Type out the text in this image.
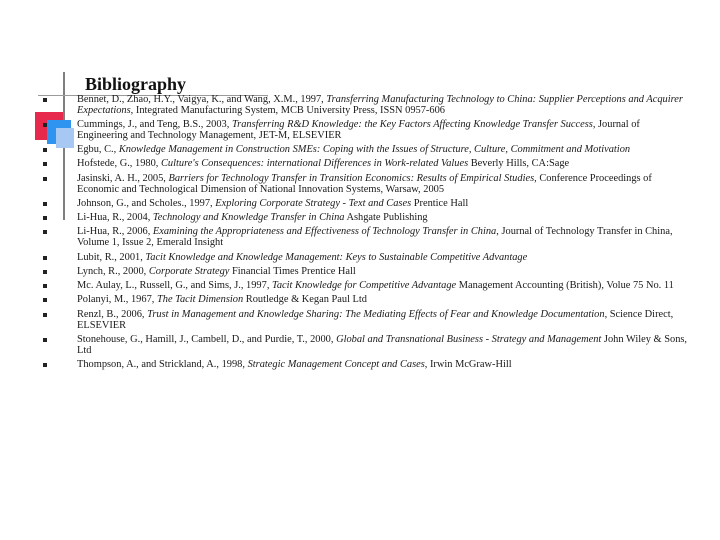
Bibliography
Bennet, D., Zhao, H.Y., Vaigya, K., and Wang, X.M., 1997, Transferring Manufacturing Technology to China: Supplier Perceptions and Acquirer Expectations, Integrated Manufacturing System, MCB University Press, ISSN 0957-606
Cummings, J., and Teng, B.S., 2003, Transferring R&D Knowledge: the Key Factors Affecting Knowledge Transfer Success, Journal of Engineering and Technology Management, JET-M, ELSEVIER
Egbu, C., Knowledge Management in Construction SMEs: Coping with the Issues of Structure, Culture, Commitment and Motivation
Hofstede, G., 1980, Culture's Consequences: international Differences in Work-related Values Beverly Hills, CA:Sage
Jasinski, A. H., 2005, Barriers for Technology Transfer in Transition Economics: Results of Empirical Studies, Conference Proceedings of Economic and Technological Dimension of National Innovation Systems, Warsaw, 2005
Johnson, G., and Scholes., 1997, Exploring Corporate Strategy - Text and Cases Prentice Hall
Li-Hua, R., 2004, Technology and Knowledge Transfer in China Ashgate Publishing
Li-Hua, R., 2006, Examining the Appropriateness and Effectiveness of Technology Transfer in China, Journal of Technology Transfer in China, Volume 1, Issue 2, Emerald Insight
Lubit, R., 2001, Tacit Knowledge and Knowledge Management: Keys to Sustainable Competitive Advantage
Lynch, R., 2000, Corporate Strategy Financial Times Prentice Hall
Mc. Aulay, L., Russell, G., and Sims, J., 1997, Tacit Knowledge for Competitive Advantage Management Accounting (British), Volue 75 No. 11
Polanyi, M., 1967, The Tacit Dimension Routledge & Kegan Paul Ltd
Renzl, B., 2006, Trust in Management and Knowledge Sharing: The Mediating Effects of Fear and Knowledge Documentation, Science Direct, ELSEVIER
Stonehouse, G., Hamill, J., Cambell, D., and Purdie, T., 2000, Global and Transnational Business - Strategy and Management John Wiley & Sons, Ltd
Thompson, A., and Strickland, A., 1998, Strategic Management Concept and Cases, Irwin McGraw-Hill
